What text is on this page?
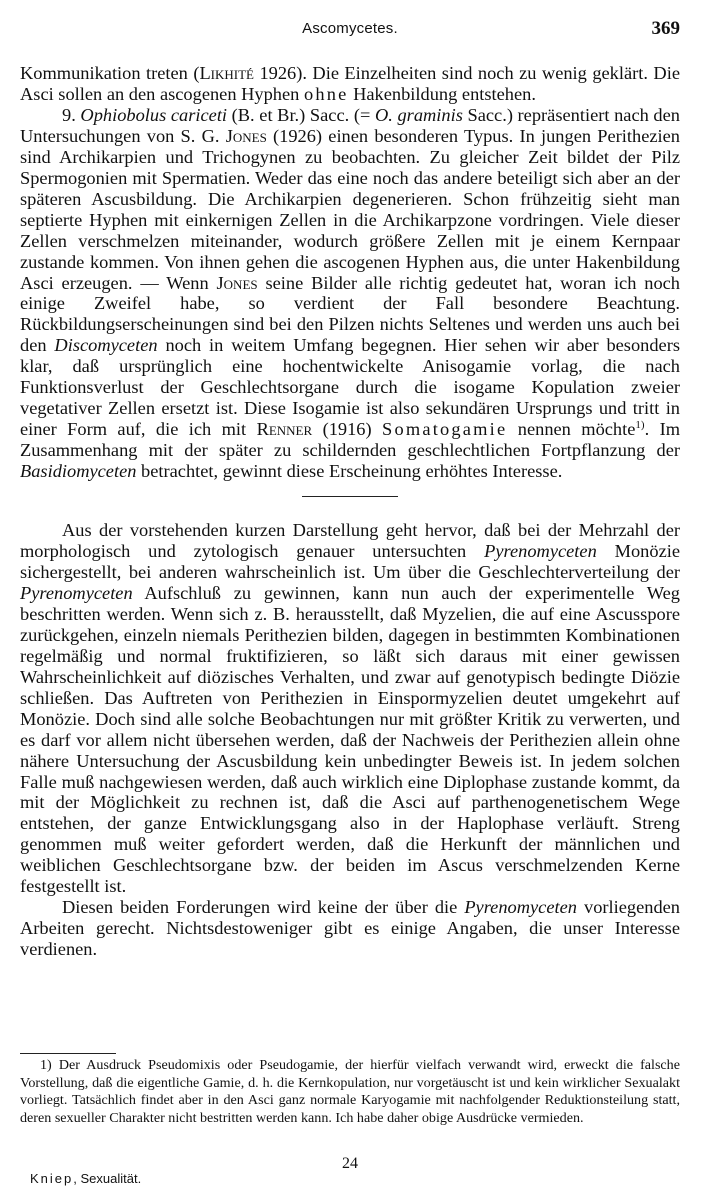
Ascomycetes.	369

Kommunikation treten (Likhité 1926). Die Einzelheiten sind noch zu wenig geklärt. Die Asci sollen an den ascogenen Hyphen ohne Hakenbildung entstehen.

9. Ophiobolus cariceti (B. et Br.) Sacc. (= O. graminis Sacc.) repräsentiert nach den Untersuchungen von S. G. Jones (1926) einen besonderen Typus. In jungen Perithezien sind Archikarpien und Trichogynen zu beobachten. Zu gleicher Zeit bildet der Pilz Spermogonien mit Spermatien. Weder das eine noch das andere beteiligt sich aber an der späteren Ascusbildung. Die Archikarpien degenerieren. Schon frühzeitig sieht man septierte Hyphen mit einkernigen Zellen in die Archikarpzone vordringen. Viele dieser Zellen verschmelzen miteinander, wodurch größere Zellen mit je einem Kernpaar zustande kommen. Von ihnen gehen die ascogenen Hyphen aus, die unter Hakenbildung Asci erzeugen. — Wenn Jones seine Bilder alle richtig gedeutet hat, woran ich noch einige Zweifel habe, so verdient der Fall besondere Beachtung. Rückbildungserscheinungen sind bei den Pilzen nichts Seltenes und werden uns auch bei den Discomyceten noch in weitem Umfang begegnen. Hier sehen wir aber besonders klar, daß ursprünglich eine hochentwickelte Anisogamie vorlag, die nach Funktionsverlust der Geschlechtsorgane durch die isogame Kopulation zweier vegetativer Zellen ersetzt ist. Diese Isogamie ist also sekundären Ursprungs und tritt in einer Form auf, die ich mit Renner (1916) Somatogamie nennen möchte$^{1)}$. Im Zusammenhang mit der später zu schildernden geschlechtlichen Fortpflanzung der Basidiomyceten betrachtet, gewinnt diese Erscheinung erhöhtes Interesse.

Aus der vorstehenden kurzen Darstellung geht hervor, daß bei der Mehrzahl der morphologisch und zytologisch genauer untersuchten Pyrenomyceten Monözie sichergestellt, bei anderen wahrscheinlich ist. Um über die Geschlechterverteilung der Pyrenomyceten Aufschluß zu gewinnen, kann nun auch der experimentelle Weg beschritten werden. Wenn sich z. B. herausstellt, daß Myzelien, die auf eine Ascusspore zurückgehen, einzeln niemals Perithezien bilden, dagegen in bestimmten Kombinationen regelmäßig und normal fruktifizieren, so läßt sich daraus mit einer gewissen Wahrscheinlichkeit auf diözisches Verhalten, und zwar auf genotypisch bedingte Diözie schließen. Das Auftreten von Perithezien in Einspormyzelien deutet umgekehrt auf Monözie. Doch sind alle solche Beobachtungen nur mit größter Kritik zu verwerten, und es darf vor allem nicht übersehen werden, daß der Nachweis der Perithezien allein ohne nähere Untersuchung der Ascusbildung kein unbedingter Beweis ist. In jedem solchen Falle muß nachgewiesen werden, daß auch wirklich eine Diplophase zustande kommt, da mit der Möglichkeit zu rechnen ist, daß die Asci auf parthenogenetischem Wege entstehen, der ganze Entwicklungsgang also in der Haplophase verläuft. Streng genommen muß weiter gefordert werden, daß die Herkunft der männlichen und weiblichen Geschlechtsorgane bzw. der beiden im Ascus verschmelzenden Kerne festgestellt ist.

Diesen beiden Forderungen wird keine der über die Pyrenomyceten vorliegenden Arbeiten gerecht. Nichtsdestoweniger gibt es einige Angaben, die unser Interesse verdienen.

1) Der Ausdruck Pseudomixis oder Pseudogamie, der hierfür vielfach verwandt wird, erweckt die falsche Vorstellung, daß die eigentliche Gamie, d. h. die Kernkopulation, nur vorgetäuscht ist und kein wirklicher Sexualakt vorliegt. Tatsächlich findet aber in den Asci ganz normale Karyogamie mit nachfolgender Reduktionsteilung statt, deren sexueller Charakter nicht bestritten werden kann. Ich habe daher obige Ausdrücke vermieden.

24
Kniep, Sexualität.
